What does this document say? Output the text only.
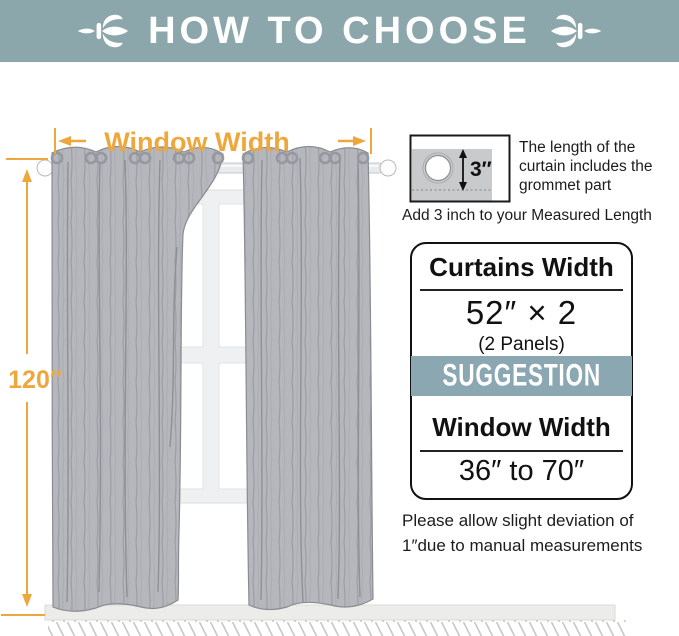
HOW TO CHOOSE
Window Width
120″
3″
The length of the curtain includes the grommet part
Add 3 inch to your Measured Length
Curtains Width
52″ × 2
(2 Panels)
SUGGESTION
Window Width
36″ to 70″
Please allow slight deviation of
1″due to manual measurements
